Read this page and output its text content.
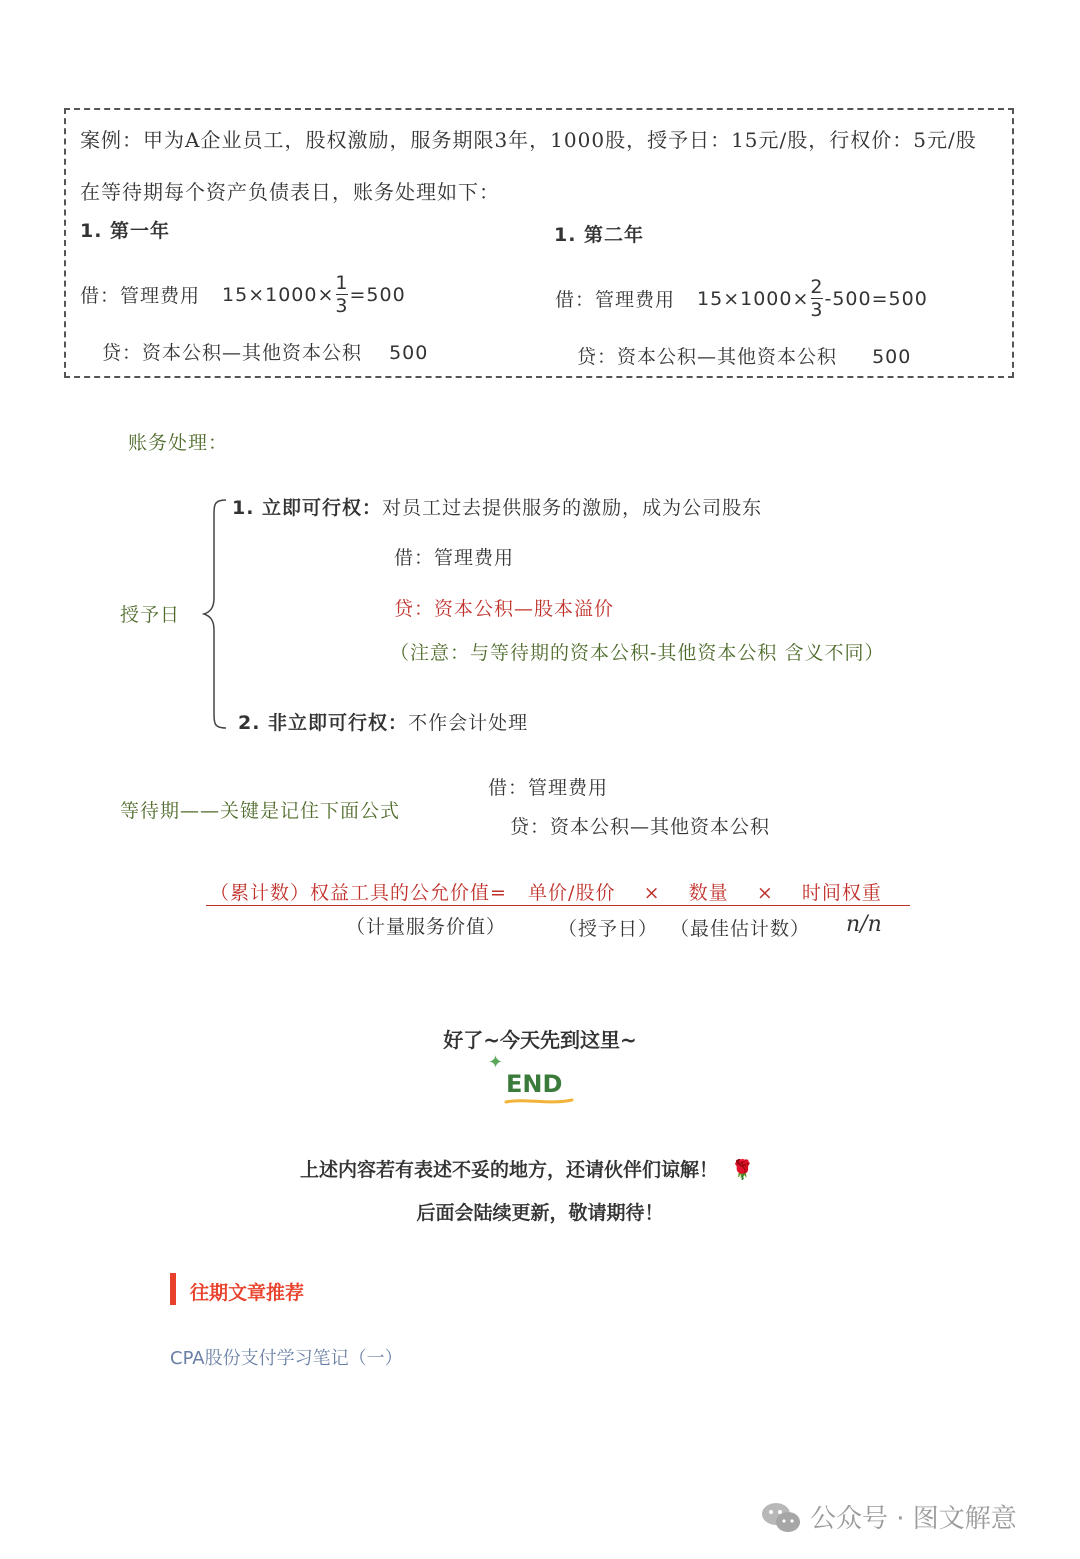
案例：甲为A企业员工，股权激励，服务期限3年，1000股，授予日：15元/股，行权价：5元/股
在等待期每个资产负债表日，账务处理如下：
1. 第一年
借：管理费用 $15\times 1000\times \frac{1}{3} =500$
贷：资本公积—其他资本公积 500
1. 第二年
借：管理费用 $15\times 1000\times \frac{2}{3} -500=500$
贷：资本公积—其他资本公积 500
账务处理：
授予日
1. 立即可行权：对员工过去提供服务的激励，成为公司股东
借：管理费用
贷：资本公积—股本溢价
（注意：与等待期的资本公积-其他资本公积 含义不同）
2. 非立即可行权：不作会计处理
等待期——关键是记住下面公式
借：管理费用
贷：资本公积—其他资本公积
（累计数）权益工具的公允价值=   单价/股价    ×    数量    ×    时间权重
（计量服务价值）	（授予日） （最佳估计数） n/n
好了~今天先到这里~
✦
END
上述内容若有表述不妥的地方，还请伙伴们谅解！ 🌹
后面会陆续更新，敬请期待！
往期文章推荐
CPA股份支付学习笔记（一）
公众号 · 图文解意
